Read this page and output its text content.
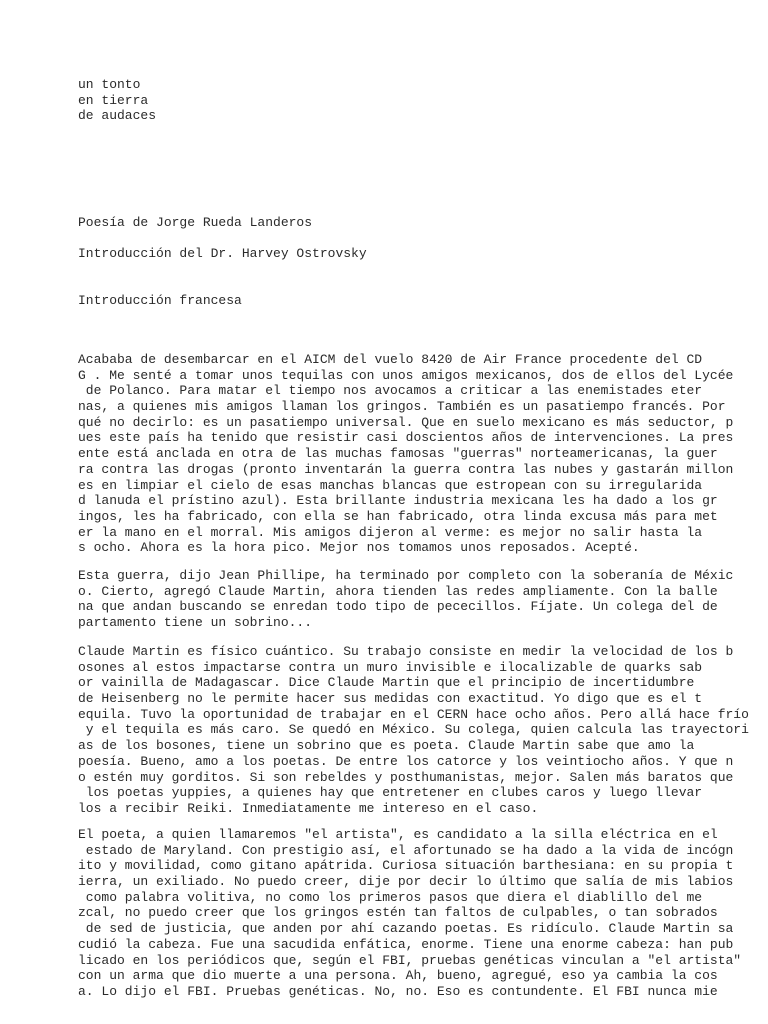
un tonto

en tierra

de audaces

Poesía de Jorge Rueda Landeros

Introducción del Dr. Harvey Ostrovsky

Introducción francesa

Acababa de desembarcar en el AICM del vuelo 8420 de Air France procedente del CD
G . Me senté a tomar unos tequilas con unos amigos mexicanos, dos de ellos del Lycée
de Polanco. Para matar el tiempo nos avocamos a criticar a las enemistades eter
nas, a quienes mis amigos llaman los gringos. También es un pasatiempo francés. Por
qué no decirlo: es un pasatiempo universal. Que en suelo mexicano es más seductor, p
ues este país ha tenido que resistir casi doscientos años de intervenciones. La pres
ente está anclada en otra de las muchas famosas "guerras" norteamericanas, la guer
ra contra las drogas (pronto inventarán la guerra contra las nubes y gastarán millon
es en limpiar el cielo de esas manchas blancas que estropean con su irregularida
d lanuda el prístino azul). Esta brillante industria mexicana les ha dado a los gr
ingos, les ha fabricado, con ella se han fabricado, otra linda excusa más para met
er la mano en el morral. Mis amigos dijeron al verme: es mejor no salir hasta la
s ocho. Ahora es la hora pico. Mejor nos tomamos unos reposados. Acepté.
Esta guerra, dijo Jean Phillipe, ha terminado por completo con la soberanía de Méxic
o. Cierto, agregó Claude Martin, ahora tienden las redes ampliamente. Con la balle
na que andan buscando se enredan todo tipo de pececillos. Fíjate. Un colega del de
partamento tiene un sobrino...
Claude Martin es físico cuántico. Su trabajo consiste en medir la velocidad de los b
osones al estos impactarse contra un muro invisible e ilocalizable de quarks sab
or vainilla de Madagascar. Dice Claude Martin que el principio de incertidumbre
de Heisenberg no le permite hacer sus medidas con exactitud. Yo digo que es el t
equila. Tuvo la oportunidad de trabajar en el CERN hace ocho años. Pero allá hace frío
y el tequila es más caro. Se quedó en México. Su colega, quien calcula las trayectori
as de los bosones, tiene un sobrino que es poeta. Claude Martin sabe que amo la
poesía. Bueno, amo a los poetas. De entre los catorce y los veintiocho años. Y que n
o estén muy gorditos. Si son rebeldes y posthumanistas, mejor. Salen más baratos que
los poetas yuppies, a quienes hay que entretener en clubes caros y luego llevar
los a recibir Reiki. Inmediatamente me intereso en el caso.
El poeta, a quien llamaremos "el artista", es candidato a la silla eléctrica en el
estado de Maryland. Con prestigio así, el afortunado se ha dado a la vida de incógn
ito y movilidad, como gitano apátrida. Curiosa situación barthesiana: en su propia t
ierra, un exiliado. No puedo creer, dije por decir lo último que salía de mis labios
como palabra volitiva, no como los primeros pasos que diera el diablillo del me
zcal, no puedo creer que los gringos estén tan faltos de culpables, o tan sobrados
de sed de justicia, que anden por ahí cazando poetas. Es ridículo. Claude Martin sa
cudió la cabeza. Fue una sacudida enfática, enorme. Tiene una enorme cabeza: han pub
licado en los periódicos que, según el FBI, pruebas genéticas vinculan a "el artista"
con un arma que dio muerte a una persona. Ah, bueno, agregué, eso ya cambia la cos
a. Lo dijo el FBI. Pruebas genéticas. No, no. Eso es contundente. El FBI nunca mie
